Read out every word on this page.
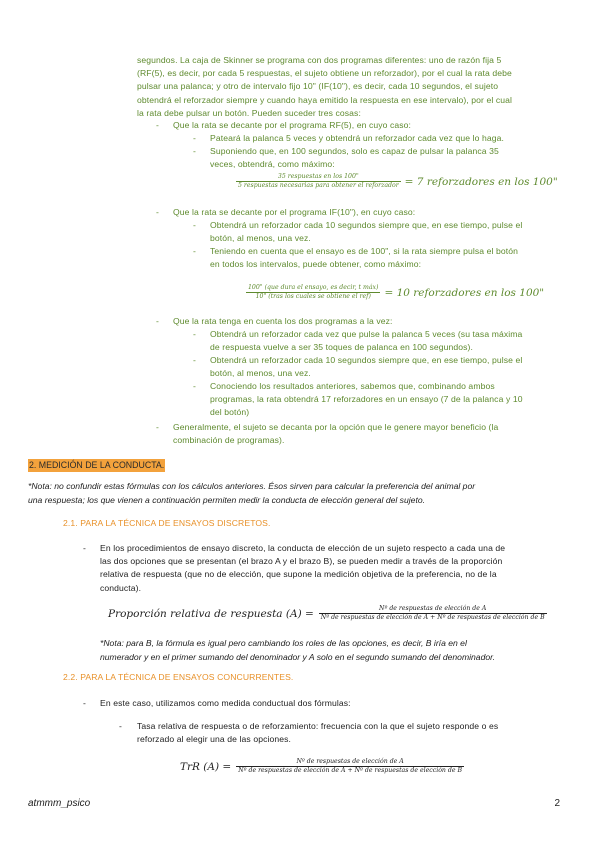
segundos. La caja de Skinner se programa con dos programas diferentes: uno de razón fija 5
(RF(5), es decir, por cada 5 respuestas, el sujeto obtiene un reforzador), por el cual la rata debe
pulsar una palanca; y otro de intervalo fijo 10" (IF(10"), es decir, cada 10 segundos, el sujeto
obtendrá el reforzador siempre y cuando haya emitido la respuesta en ese intervalo), por el cual
la rata debe pulsar un botón. Pueden suceder tres cosas:
- Que la rata se decante por el programa RF(5), en cuyo caso:
- Pateará la palanca 5 veces y obtendrá un reforzador cada vez que lo haga.
- Suponiendo que, en 100 segundos, solo es capaz de pulsar la palanca 35
veces, obtendrá, como máximo:
$\frac{\text{35 respuestas en los 100"}}{\text{5 respuestas necesarias para obtener el reforzador}} = 7$ reforzadores en los 100"
- Que la rata se decante por el programa IF(10"), en cuyo caso:
- Obtendrá un reforzador cada 10 segundos siempre que, en ese tiempo, pulse el
botón, al menos, una vez.
- Teniendo en cuenta que el ensayo es de 100", si la rata siempre pulsa el botón
en todos los intervalos, puede obtener, como máximo:
$\frac{\text{100" (que dura el ensayo, es decir, t máx)}}{\text{10" (tras los cuales se obtiene el ref)}} = 10$ reforzadores en los 100"
- Que la rata tenga en cuenta los dos programas a la vez:
- Obtendrá un reforzador cada vez que pulse la palanca 5 veces (su tasa máxima
de respuesta vuelve a ser 35 toques de palanca en 100 segundos).
- Obtendrá un reforzador cada 10 segundos siempre que, en ese tiempo, pulse el
botón, al menos, una vez.
- Conociendo los resultados anteriores, sabemos que, combinando ambos
programas, la rata obtendrá 17 reforzadores en un ensayo (7 de la palanca y 10
del botón)
- Generalmente, el sujeto se decanta por la opción que le genere mayor beneficio (la
combinación de programas).
2. MEDICIÓN DE LA CONDUCTA.
*Nota: no confundir estas fórmulas con los cálculos anteriores. Ésos sirven para calcular la preferencia del animal por
una respuesta; los que vienen a continuación permiten medir la conducta de elección general del sujeto.
2.1. PARA LA TÉCNICA DE ENSAYOS DISCRETOS.
- En los procedimientos de ensayo discreto, la conducta de elección de un sujeto respecto a cada una de
las dos opciones que se presentan (el brazo A y el brazo B), se pueden medir a través de la proporción
relativa de respuesta (que no de elección, que supone la medición objetiva de la preferencia, no de la
conducta).
Proporción relativa de respuesta (A) =	Nº de respuestas de elección de A
Nº de respuestas de elección de A + Nº de respuestas de elección de B
*Nota: para B, la fórmula es igual pero cambiando los roles de las opciones, es decir, B iría en el
numerador y en el primer sumando del denominador y A solo en el segundo sumando del denominador.
2.2. PARA LA TÉCNICA DE ENSAYOS CONCURRENTES.
- En este caso, utilizamos como medida conductual dos fórmulas:
- Tasa relativa de respuesta o de reforzamiento: frecuencia con la que el sujeto responde o es
reforzado al elegir una de las opciones.
TrR (A) =	Nº de respuestas de elección de A
Nº de respuestas de elección de A + Nº de respuestas de elección de B
atmmm_psico	2
